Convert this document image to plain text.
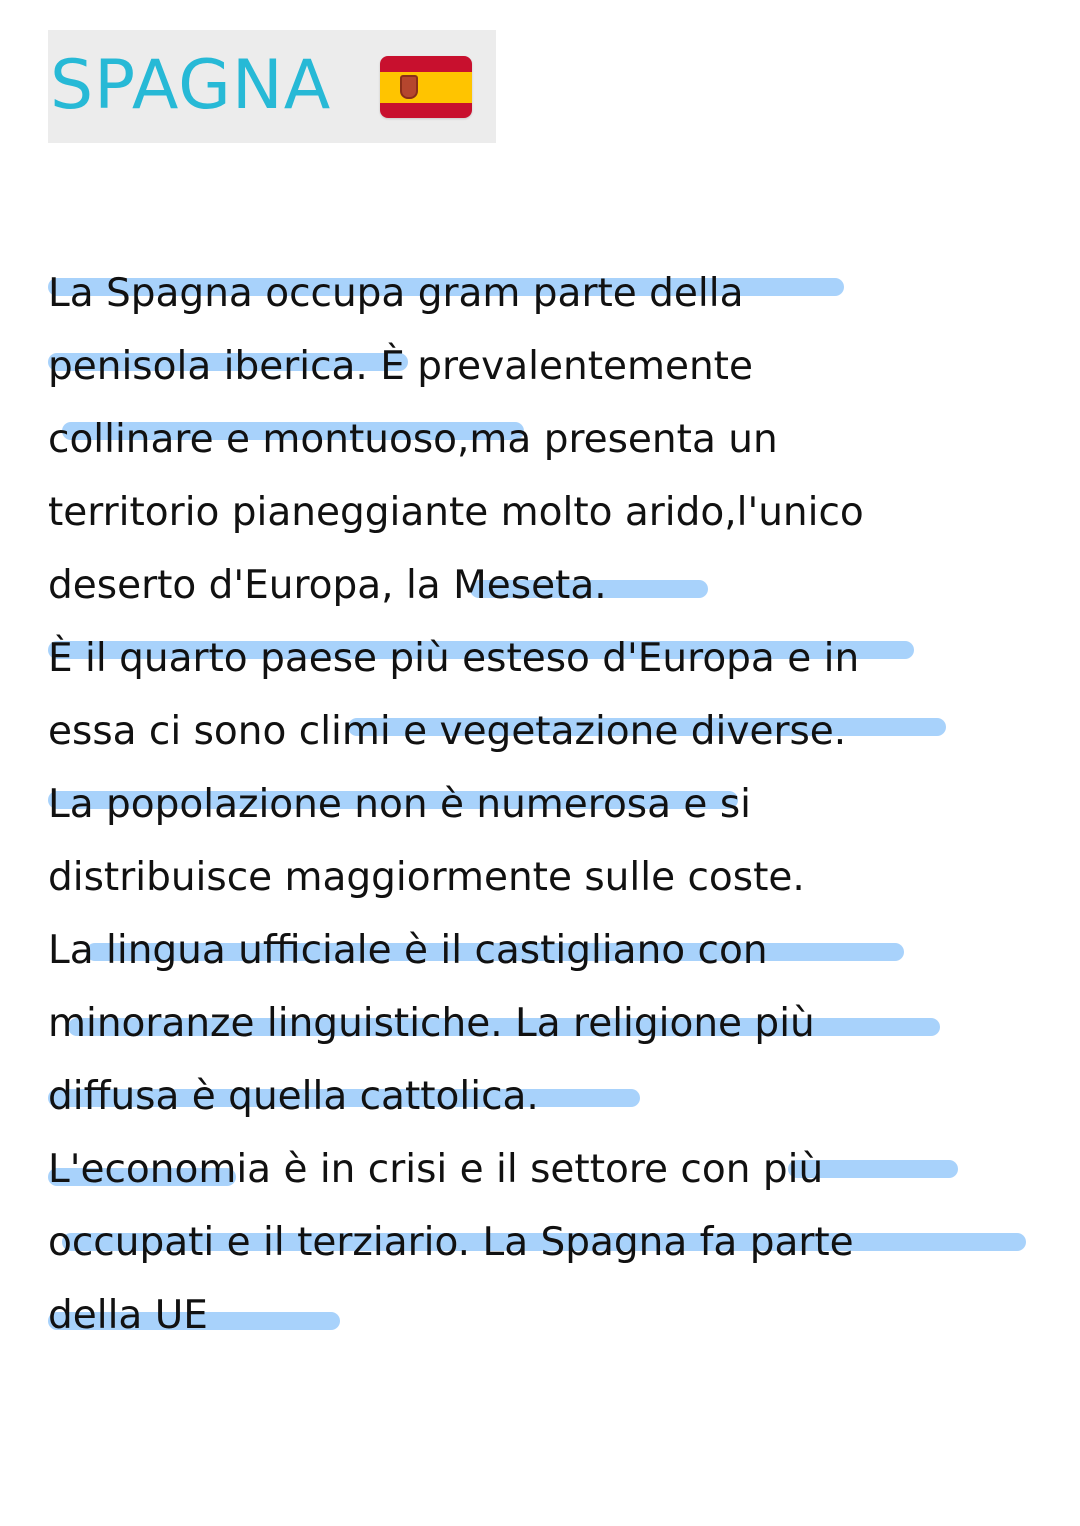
SPAGNA
La Spagna occupa gram parte della
penisola iberica. È prevalentemente
collinare e montuoso,ma presenta un
territorio pianeggiante molto arido,l'unico
deserto d'Europa, la Meseta.
È il quarto paese più esteso d'Europa e in
essa ci sono climi e vegetazione diverse.
La popolazione non è numerosa e si
distribuisce maggiormente sulle coste.
La lingua ufficiale è il castigliano con
minoranze linguistiche. La religione più
diffusa è quella cattolica.
L'economia è in crisi e il settore con più
occupati e il terziario. La Spagna fa parte
della UE
